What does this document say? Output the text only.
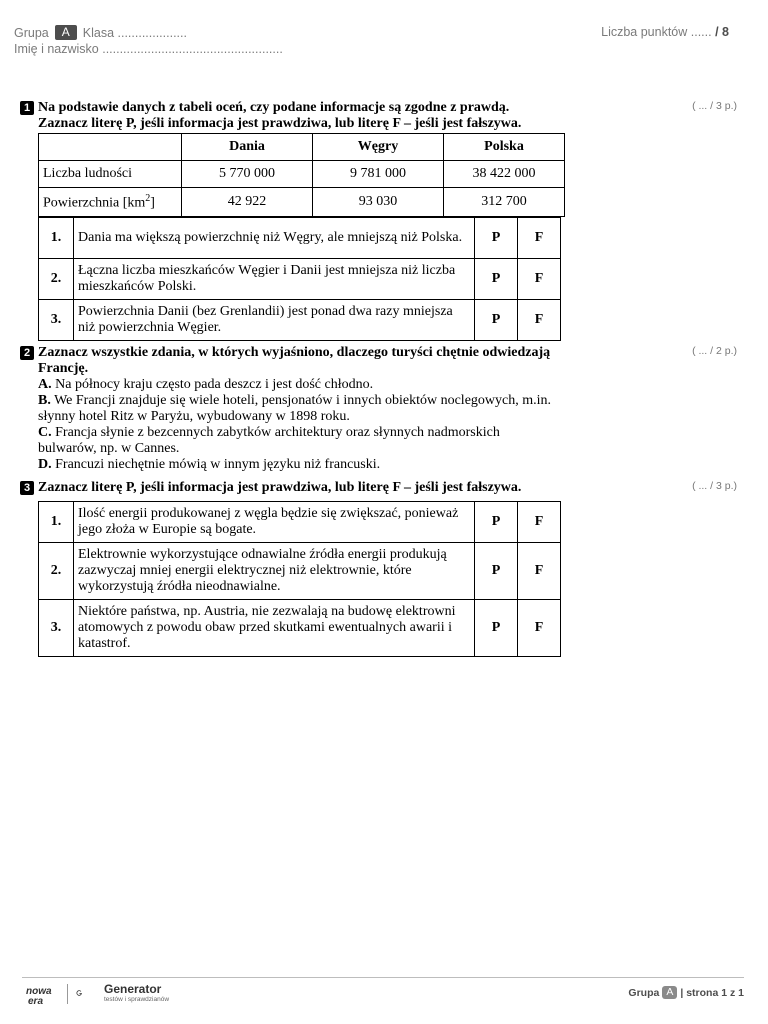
Grupa	A	Klasa ....................
Imię i nazwisko ....................................................
Liczba punktów ...... / 8
1 Na podstawie danych z tabeli oceń, czy podane informacje są zgodne z prawdą.
Zaznacz literę P, jeśli informacja jest prawdziwa, lub literę F – jeśli jest fałszywa.
( ... / 3 p.)
	Dania	Węgry	Polska
Liczba ludności	5 770 000	9 781 000	38 422 000
Powierzchnia $[km^2]$	42 922	93 030	312 700
1.	Dania ma większą powierzchnię niż Węgry, ale mniejszą niż Polska.	P	F
2.	Łączna liczba mieszkańców Węgier i Danii jest mniejsza niż liczba mieszkańców Polski.	P	F
3.	Powierzchnia Danii (bez Grenlandii) jest ponad dwa razy mniejsza niż powierzchnia Węgier.	P	F
2 Zaznacz wszystkie zdania, w których wyjaśniono, dlaczego turyści chętnie odwiedzają Francję.
( ... / 2 p.)
A. Na północy kraju często pada deszcz i jest dość chłodno.
B. We Francji znajduje się wiele hoteli, pensjonatów i innych obiektów noclegowych, m.in. słynny hotel Ritz w Paryżu, wybudowany w 1898 roku.
C. Francja słynie z bezcennych zabytków architektury oraz słynnych nadmorskich bulwarów, np. w Cannes.
D. Francuzi niechętnie mówią w innym języku niż francuski.
3 Zaznacz literę P, jeśli informacja jest prawdziwa, lub literę F – jeśli jest fałszywa.	( ... / 3 p.)
1.	Ilość energii produkowanej z węgla będzie się zwiększać, ponieważ jego złoża w Europie są bogate.	P	F
2.	Elektrownie wykorzystujące odnawialne źródła energii produkują zazwyczaj mniej energii elektrycznej niż elektrownie, które wykorzystują źródła nieodnawialne.	P	F
3.	Niektóre państwa, np. Austria, nie zezwalają na budowę elektrowni atomowych z powodu obaw przed skutkami ewentualnych awarii i katastrof.	P	F
nowa
era
Generator
testów i sprawdzianów
Grupa A | strona 1 z 1
